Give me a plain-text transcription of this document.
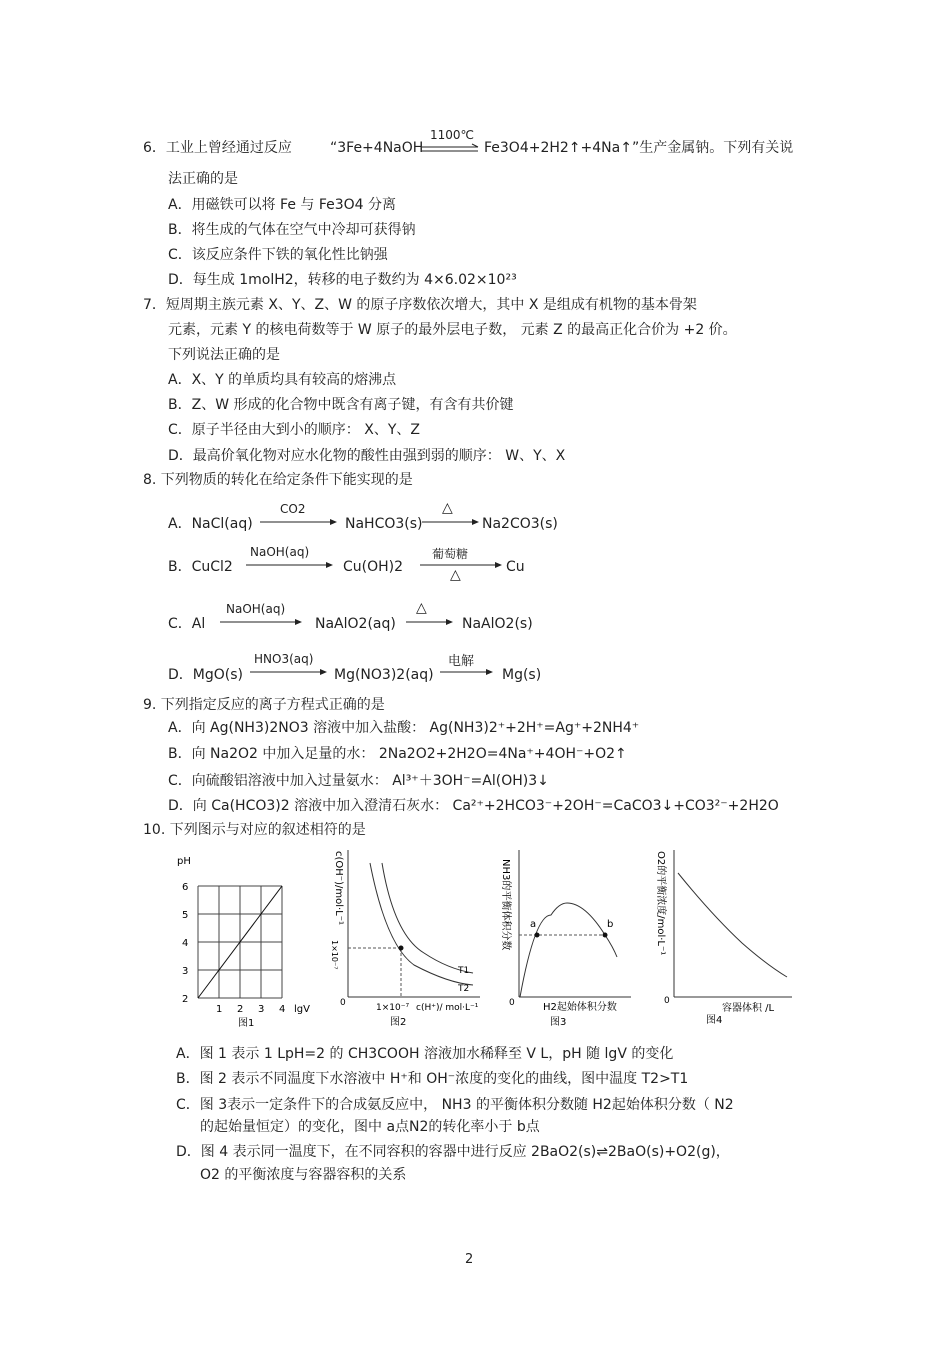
6．工业上曾经通过反应	“3Fe+4NaOH
1100℃
Fe3O4+2H2↑+4Na↑”生产金属钠。下列有关说
法正确的是
A．用磁铁可以将 Fe 与 Fe3O4 分离
B．将生成的气体在空气中冷却可获得钠
C．该反应条件下铁的氧化性比钠强
D．每生成 1molH2，转移的电子数约为 4×6.02×10²³
7．短周期主族元素 X、Y、Z、W 的原子序数依次增大，其中 X 是组成有机物的基本骨架
元素，元素 Y 的核电荷数等于 W 原子的最外层电子数， 元素 Z 的最高正化合价为 +2 价。
下列说法正确的是
A．X、Y 的单质均具有较高的熔沸点
B．Z、W 形成的化合物中既含有离子键，有含有共价键
C．原子半径由大到小的顺序： X、Y、Z
D．最高价氧化物对应水化物的酸性由强到弱的顺序： W、Y、X
8. 下列物质的转化在给定条件下能实现的是
A．NaCl(aq)
CO2
NaHCO3(s)
△
Na2CO3(s)
B．CuCl2
NaOH(aq)
Cu(OH)2
葡萄糖
△	Cu
C．Al
NaOH(aq)
NaAlO2(aq)
△
NaAlO2(s)
D．MgO(s)
HNO3(aq)
Mg(NO3)2(aq)
电解
Mg(s)
9. 下列指定反应的离子方程式正确的是
A．向 Ag(NH3)2NO3 溶液中加入盐酸： Ag(NH3)2⁺+2H⁺=Ag⁺+2NH4⁺
B．向 Na2O2 中加入足量的水： 2Na2O2+2H2O=4Na⁺+4OH⁻+O2↑
C．向硫酸铝溶液中加入过量氨水： Al³⁺＋3OH⁻=Al(OH)3↓
D．向 Ca(HCO3)2 溶液中加入澄清石灰水： Ca²⁺+2HCO3⁻+2OH⁻=CaCO3↓+CO3²⁻+2H2O
10. 下列图示与对应的叙述相符的是
pH
6
5
4
3
2
1 2 3 4 lgV
图1
c(OH⁻)/mol·L⁻¹
T1
T2
0
1×10⁻⁷
1×10⁻⁷ c(H⁺)/ mol·L⁻¹
图2
NH3的平衡体积分数 a	b
0	H2起始体积分数
图3
O2的平衡浓度/mol·L⁻¹
0
容器体积 /L
图4
A．图 1 表示 1 LpH=2 的 CH3COOH 溶液加水稀释至 V L，pH 随 lgV 的变化
B．图 2 表示不同温度下水溶液中 H⁺和 OH⁻浓度的变化的曲线，图中温度 T2>T1
C．图 3表示一定条件下的合成氨反应中， NH3 的平衡体积分数随 H2起始体积分数（ N2
的起始量恒定）的变化，图中 a点N2的转化率小于 b点
D．图 4 表示同一温度下，在不同容积的容器中进行反应 2BaO2(s)⇌2BaO(s)+O2(g)，
O2 的平衡浓度与容器容积的关系
2
